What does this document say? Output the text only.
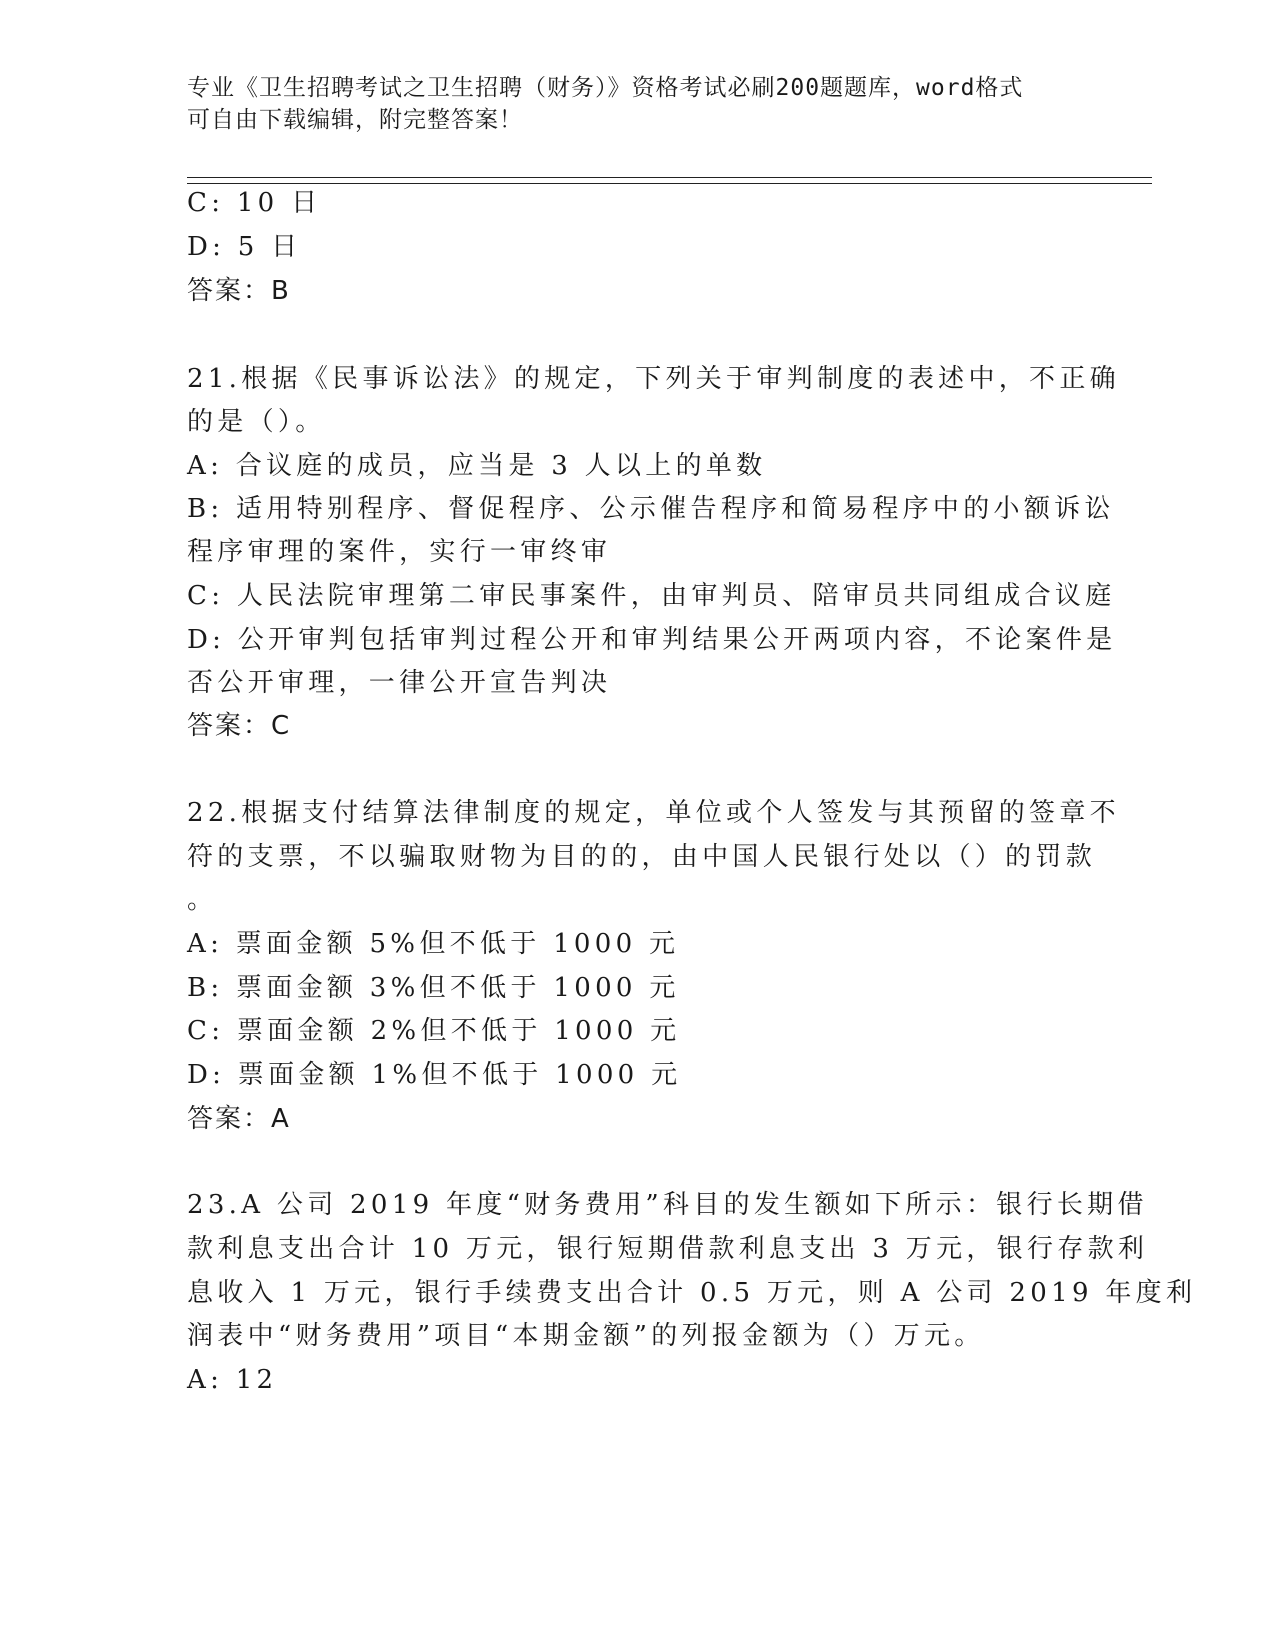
专业《卫生招聘考试之卫生招聘（财务）》资格考试必刷200题题库，word格式
可自由下载编辑，附完整答案！
C: 10 日
D: 5 日
答案：B
21.根据《民事诉讼法》的规定，下列关于审判制度的表述中，不正确
的是（）。
A: 合议庭的成员，应当是 3 人以上的单数
B: 适用特别程序、督促程序、公示催告程序和简易程序中的小额诉讼
程序审理的案件，实行一审终审
C: 人民法院审理第二审民事案件，由审判员、陪审员共同组成合议庭
D: 公开审判包括审判过程公开和审判结果公开两项内容，不论案件是
否公开审理，一律公开宣告判决
答案：C
22.根据支付结算法律制度的规定，单位或个人签发与其预留的签章不
符的支票，不以骗取财物为目的的，由中国人民银行处以（）的罚款
。
A: 票面金额 5%但不低于 1000 元
B: 票面金额 3%但不低于 1000 元
C: 票面金额 2%但不低于 1000 元
D: 票面金额 1%但不低于 1000 元
答案：A
23.A 公司 2019 年度“财务费用”科目的发生额如下所示：银行长期借
款利息支出合计 10 万元，银行短期借款利息支出 3 万元，银行存款利
息收入 1 万元，银行手续费支出合计 0.5 万元，则 A 公司 2019 年度利
润表中“财务费用”项目“本期金额”的列报金额为（）万元。
A: 12
